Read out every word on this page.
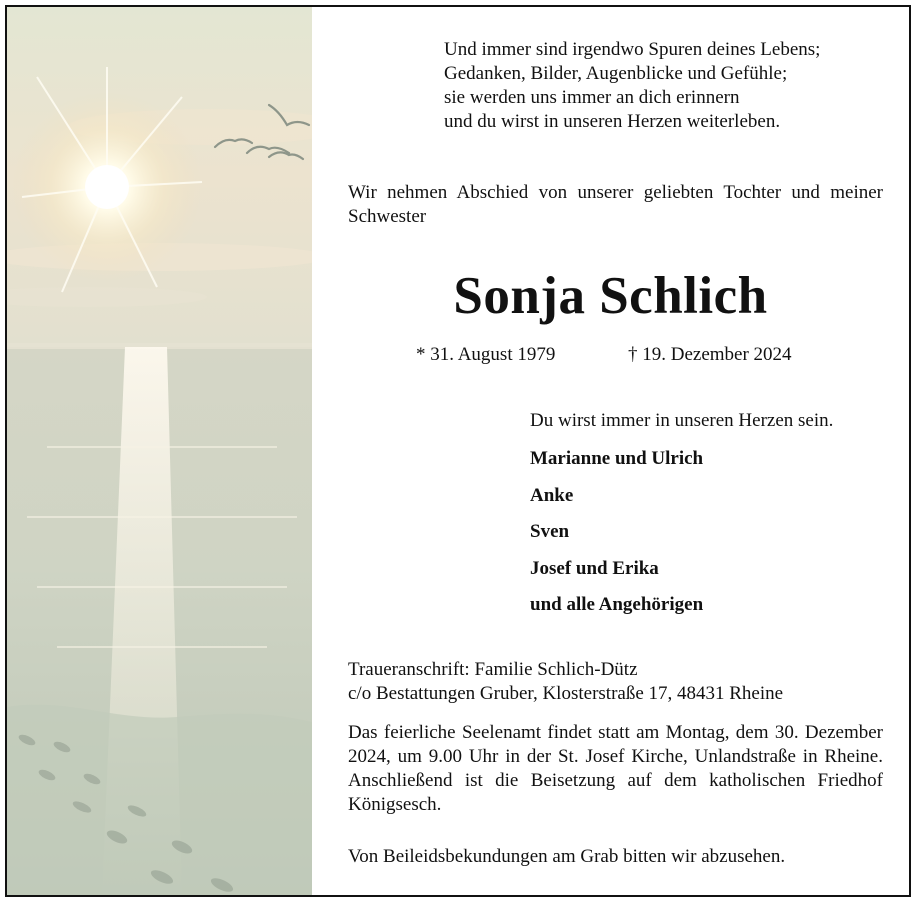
Und immer sind irgendwo Spuren deines Lebens;
Gedanken, Bilder, Augenblicke und Gefühle;
sie werden uns immer an dich erinnern
und du wirst in unseren Herzen weiterleben.
Wir nehmen Abschied von unserer geliebten Tochter und meiner Schwester
Sonja Schlich
* 31. August 1979	† 19. Dezember 2024
Du wirst immer in unseren Herzen sein.
Marianne und Ulrich
Anke
Sven
Josef und Erika
und alle Angehörigen
Traueranschrift: Familie Schlich-Dütz
c/o Bestattungen Gruber, Klosterstraße 17, 48431 Rheine
Das feierliche Seelenamt findet statt am Montag, dem 30. Dezember 2024, um 9.00 Uhr in der St. Josef Kirche, Unlandstraße in Rheine. Anschließend ist die Beisetzung auf dem katholischen Friedhof Königsesch.
Von Beileidsbekundungen am Grab bitten wir abzusehen.
